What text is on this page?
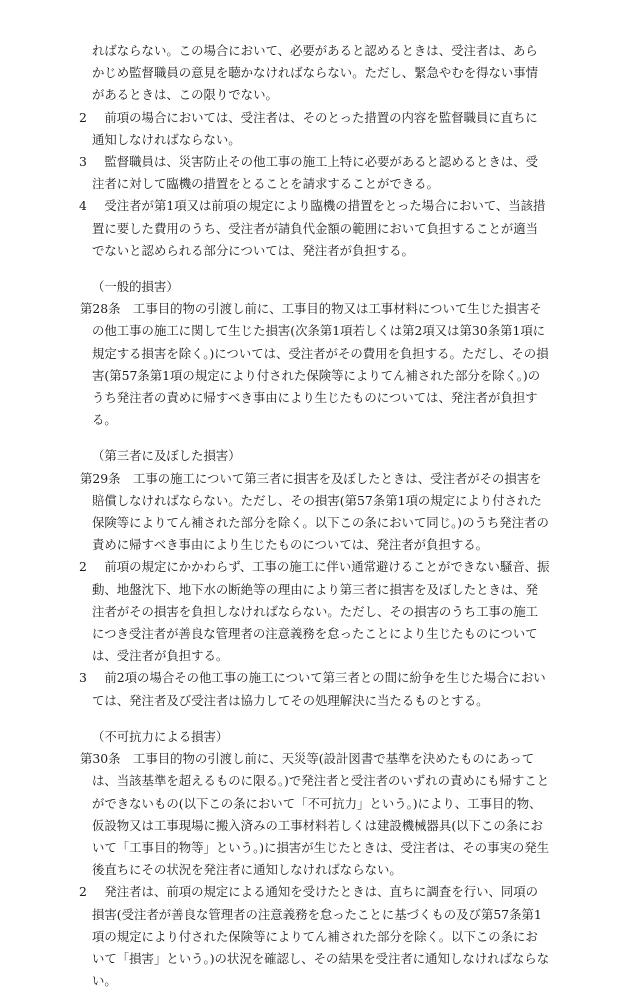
ればならない。この場合において、必要があると認めるときは、受注者は、あらかじめ監督職員の意見を聴かなければならない。ただし、緊急やむを得ない事情があるときは、この限りでない。

2　 前項の場合においては、受注者は、そのとった措置の内容を監督職員に直ちに通知しなければならない。

3　 監督職員は、災害防止その他工事の施工上特に必要があると認めるときは、受注者に対して臨機の措置をとることを請求することができる。

4　 受注者が第1項又は前項の規定により臨機の措置をとった場合において、当該措置に要した費用のうち、受注者が請負代金額の範囲において負担することが適当でないと認められる部分については、発注者が負担する。

（一般的損害）

第28条　 工事目的物の引渡し前に、工事目的物又は工事材料について生じた損害その他工事の施工に関して生じた損害(次条第1項若しくは第2項又は第30条第1項に規定する損害を除く。)については、受注者がその費用を負担する。ただし、その損害(第57条第1項の規定により付された保険等によりてん補された部分を除く。)のうち発注者の責めに帰すべき事由により生じたものについては、発注者が負担する。

（第三者に及ぼした損害）

第29条　 工事の施工について第三者に損害を及ぼしたときは、受注者がその損害を賠償しなければならない。ただし、その損害(第57条第1項の規定により付された保険等によりてん補された部分を除く。以下この条において同じ。)のうち発注者の責めに帰すべき事由により生じたものについては、発注者が負担する。

2　 前項の規定にかかわらず、工事の施工に伴い通常避けることができない騒音、振動、地盤沈下、地下水の断絶等の理由により第三者に損害を及ぼしたときは、発注者がその損害を負担しなければならない。ただし、その損害のうち工事の施工につき受注者が善良な管理者の注意義務を怠ったことにより生じたものについては、受注者が負担する。

3　 前2項の場合その他工事の施工について第三者との間に紛争を生じた場合においては、発注者及び受注者は協力してその処理解決に当たるものとする。

（不可抗力による損害）

第30条　 工事目的物の引渡し前に、天災等(設計図書で基準を決めたものにあっては、当該基準を超えるものに限る。)で発注者と受注者のいずれの責めにも帰すことができないもの(以下この条において「不可抗力」という。)により、工事目的物、仮設物又は工事現場に搬入済みの工事材料若しくは建設機械器具(以下この条において「工事目的物等」という。)に損害が生じたときは、受注者は、その事実の発生後直ちにその状況を発注者に通知しなければならない。

2　 発注者は、前項の規定による通知を受けたときは、直ちに調査を行い、同項の損害(受注者が善良な管理者の注意義務を怠ったことに基づくもの及び第57条第1項の規定により付された保険等によりてん補された部分を除く。以下この条において「損害」という。)の状況を確認し、その結果を受注者に通知しなければならない。
